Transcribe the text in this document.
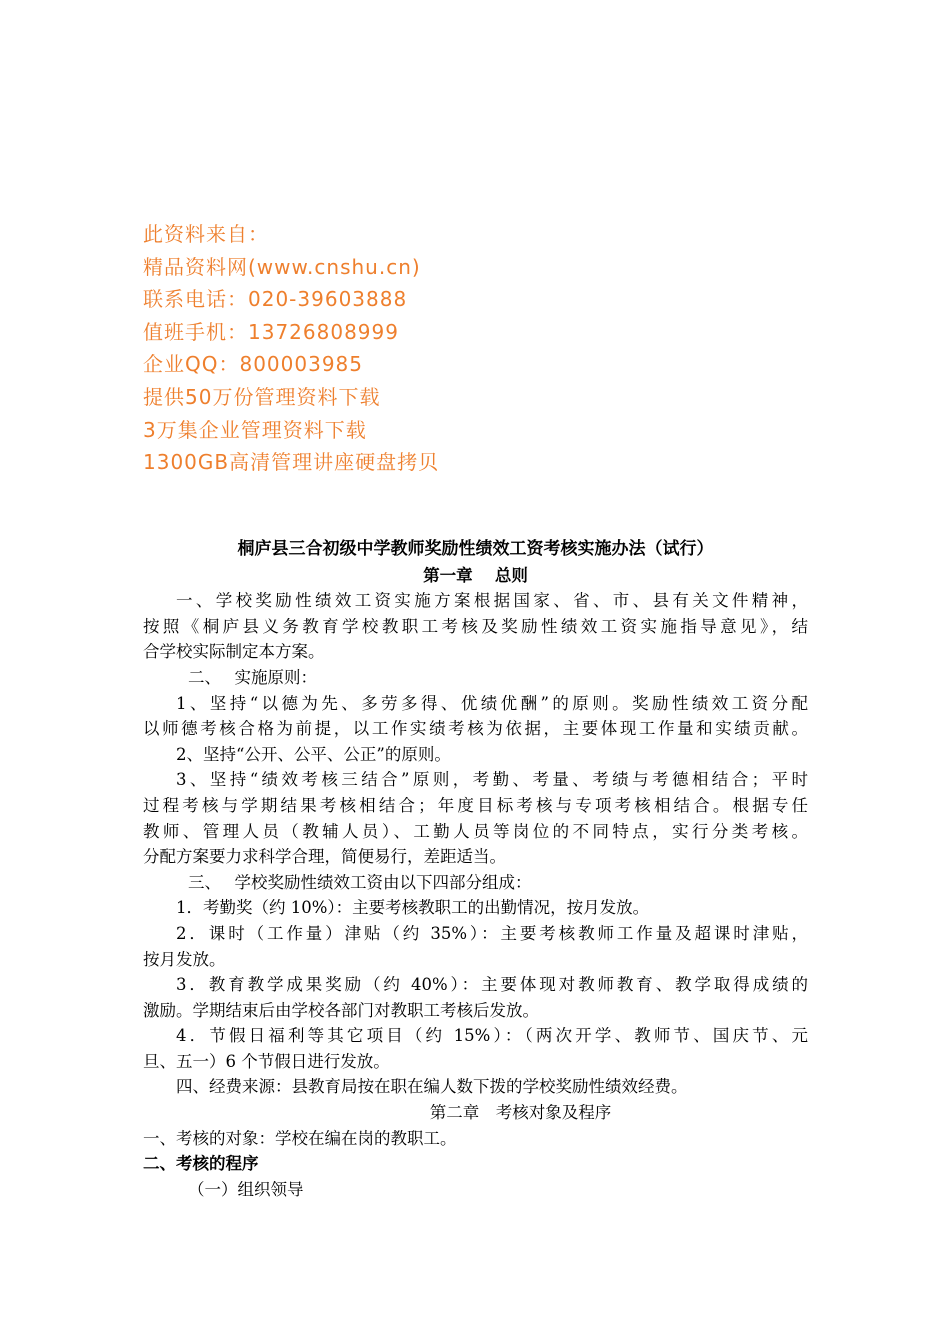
此资料来自：
精品资料网(www.cnshu.cn)
联系电话：020-39603888
值班手机：13726808999
企业QQ：800003985
提供50万份管理资料下载
3万集企业管理资料下载
1300GB高清管理讲座硬盘拷贝
桐庐县三合初级中学教师奖励性绩效工资考核实施办法（试行）
第一章　 总则
一、学校奖励性绩效工资实施方案根据国家、省、市、县有关文件精神，
按照《桐庐县义务教育学校教职工考核及奖励性绩效工资实施指导意见》，结
合学校实际制定本方案。
二、　 实施原则：
1、坚持“以德为先、多劳多得、优绩优酬”的原则。奖励性绩效工资分配
以师德考核合格为前提，以工作实绩考核为依据，主要体现工作量和实绩贡献。
2、坚持“公开、公平、公正”的原则。
3、坚持“绩效考核三结合”原则，考勤、考量、考绩与考德相结合；平时
过程考核与学期结果考核相结合；年度目标考核与专项考核相结合。根据专任
教师、管理人员（教辅人员）、工勤人员等岗位的不同特点，实行分类考核。
分配方案要力求科学合理，简便易行，差距适当。
三、　 学校奖励性绩效工资由以下四部分组成：
1．考勤奖（约 10%）：主要考核教职工的出勤情况，按月发放。
2．课时（工作量）津贴（约 35%）：主要考核教师工作量及超课时津贴，
按月发放。
3．教育教学成果奖励（约 40%）：主要体现对教师教育、教学取得成绩的
激励。学期结束后由学校各部门对教职工考核后发放。
4．节假日福利等其它项目（约 15%）：（两次开学、教师节、国庆节、元
旦、五一）6 个节假日进行发放。
四、经费来源：县教育局按在职在编人数下拨的学校奖励性绩效经费。
第二章　考核对象及程序
一、考核的对象：学校在编在岗的教职工。
二、考核的程序
（一）组织领导
